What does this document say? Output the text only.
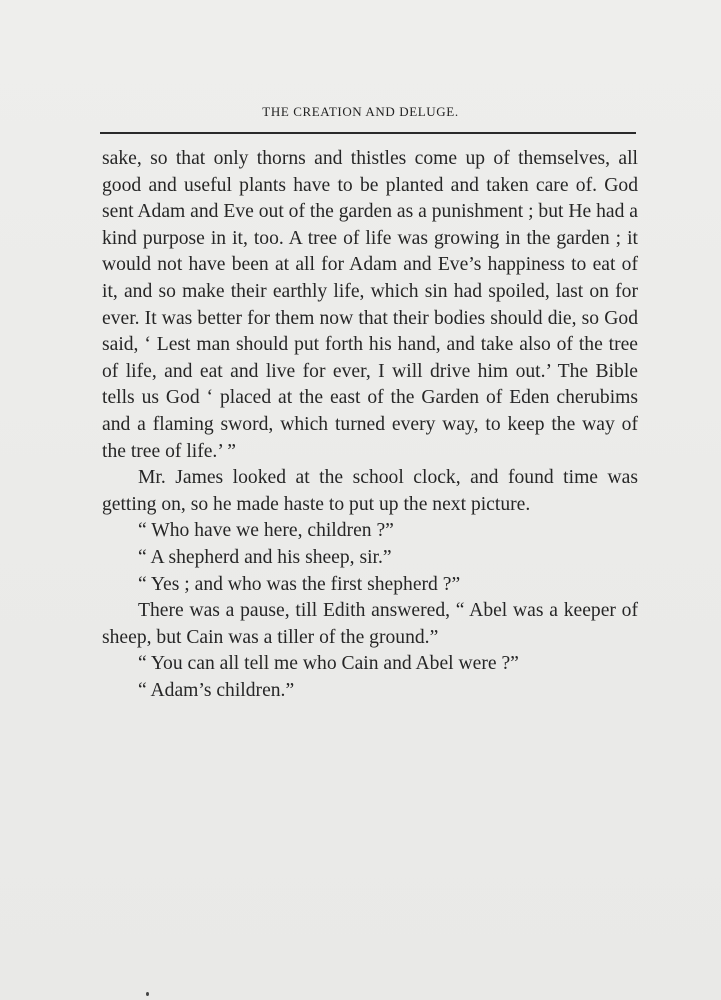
THE CREATION AND DELUGE.

sake, so that only thorns and thistles come up of themselves, all good and useful plants have to be planted and taken care of. God sent Adam and Eve out of the garden as a punishment ; but He had a kind purpose in it, too. A tree of life was growing in the garden ; it would not have been at all for Adam and Eve’s happiness to eat of it, and so make their earthly life, which sin had spoiled, last on for ever. It was better for them now that their bodies should die, so God said, ‘ Lest man should put forth his hand, and take also of the tree of life, and eat and live for ever, I will drive him out.’ The Bible tells us God ‘ placed at the east of the Garden of Eden cherubims and a flaming sword, which turned every way, to keep the way of the tree of life.’ ”

Mr. James looked at the school clock, and found time was getting on, so he made haste to put up the next picture.

“ Who have we here, children ?”

“ A shepherd and his sheep, sir.”

“ Yes ; and who was the first shepherd ?”

There was a pause, till Edith answered, “ Abel was a keeper of sheep, but Cain was a tiller of the ground.”

“ You can all tell me who Cain and Abel were ?”

“ Adam’s children.”
